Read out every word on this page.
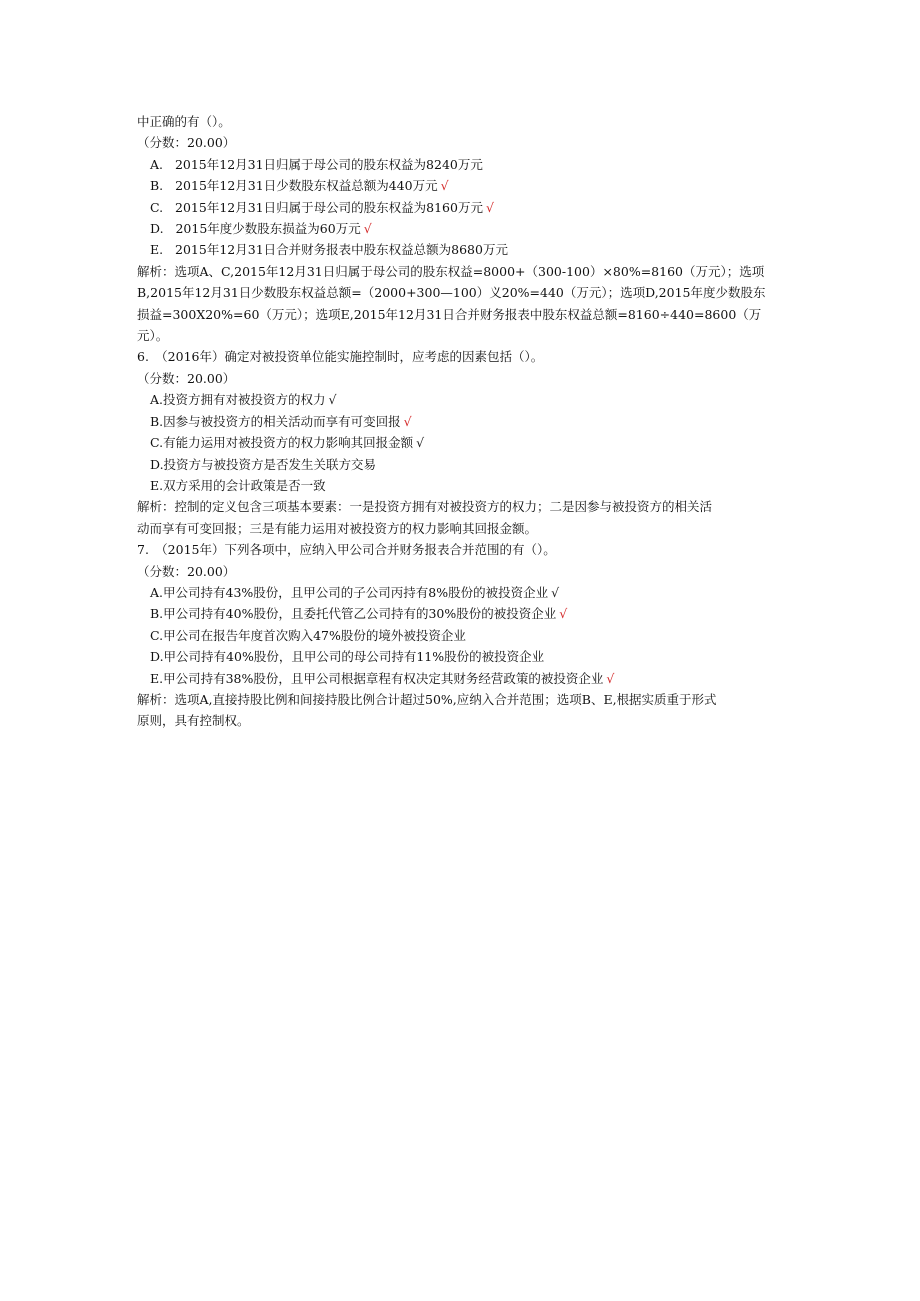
中正确的有（）。
（分数：20.00）
A. 2015年12月31日归属于母公司的股东权益为8240万元
B. 2015年12月31日少数股东权益总额为440万元 √
C. 2015年12月31日归属于母公司的股东权益为8160万元 √
D. 2015年度少数股东损益为60万元 √
E. 2015年12月31日合并财务报表中股东权益总额为8680万元
解析：选项A、C,2015年12月31日归属于母公司的股东权益=8000+（300-100）×80%=8160（万元）；选项
B,2015年12月31日少数股东权益总额=（2000+300—100）义20%=440（万元）；选项D,2015年度少数股东
损益=300X20%=60（万元）；选项E,2015年12月31日合并财务报表中股东权益总额=8160÷440=8600（万
元）。
6.　（2016年）确定对被投资单位能实施控制时，应考虑的因素包括（）。
（分数：20.00）
A.投资方拥有对被投资方的权力 √
B.因参与被投资方的相关活动而享有可变回报 √
C.有能力运用对被投资方的权力影响其回报金额 √
D.投资方与被投资方是否发生关联方交易
E.双方采用的会计政策是否一致
解析：控制的定义包含三项基本要素：一是投资方拥有对被投资方的权力；二是因参与被投资方的相关活
动而享有可变回报；三是有能力运用对被投资方的权力影响其回报金额。
7.　（2015年）下列各项中，应纳入甲公司合并财务报表合并范围的有（）。
（分数：20.00）
A.甲公司持有43%股份，且甲公司的子公司丙持有8%股份的被投资企业 √
B.甲公司持有40%股份，且委托代管乙公司持有的30%股份的被投资企业 √
C.甲公司在报告年度首次购入47%股份的境外被投资企业
D.甲公司持有40%股份，且甲公司的母公司持有11%股份的被投资企业
E.甲公司持有38%股份，且甲公司根据章程有权决定其财务经营政策的被投资企业 √
解析：选项A,直接持股比例和间接持股比例合计超过50%,应纳入合并范围；选项B、E,根据实质重于形式
原则，具有控制权。
